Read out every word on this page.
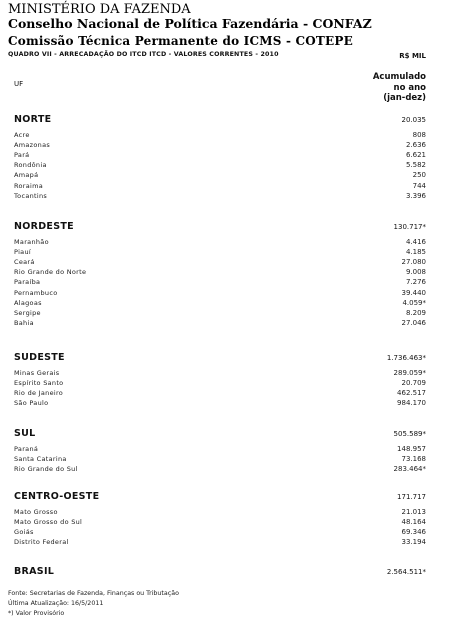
MINISTÉRIO DA FAZENDA
Conselho Nacional de Política Fazendária - CONFAZ
Comissão Técnica Permanente do ICMS - COTEPE
QUADRO VII - ARRECADAÇÃO DO ITCD ITCD - VALORES CORRENTES - 2010	R$ MIL
UF
Acumulado
no ano
(jan-dez)
NORTE	20.035
Acre	808
Amazonas	2.636
Pará	6.621
Rondônia	5.582
Amapá	250
Roraima	744
Tocantins	3.396
NORDESTE	130.717*
Maranhão	4.416
Piauí	4.185
Ceará	27.080
Rio Grande do Norte	9.008
Paraíba	7.276
Pernambuco	39.440
Alagoas	4.059*
Sergipe	8.209
Bahia	27.046
SUDESTE	1.736.463*
Minas Gerais	289.059*
Espírito Santo	20.709
Rio de Janeiro	462.517
São Paulo	984.170
SUL	505.589*
Paraná	148.957
Santa Catarina	73.168
Rio Grande do Sul	283.464*
CENTRO-OESTE	171.717
Mato Grosso	21.013
Mato Grosso do Sul	48.164
Goiás	69.346
Distrito Federal	33.194
BRASIL	2.564.511*
Fonte: Secretarias de Fazenda, Finanças ou Tributação
Última Atualização: 16/5/2011
*) Valor Provisório
